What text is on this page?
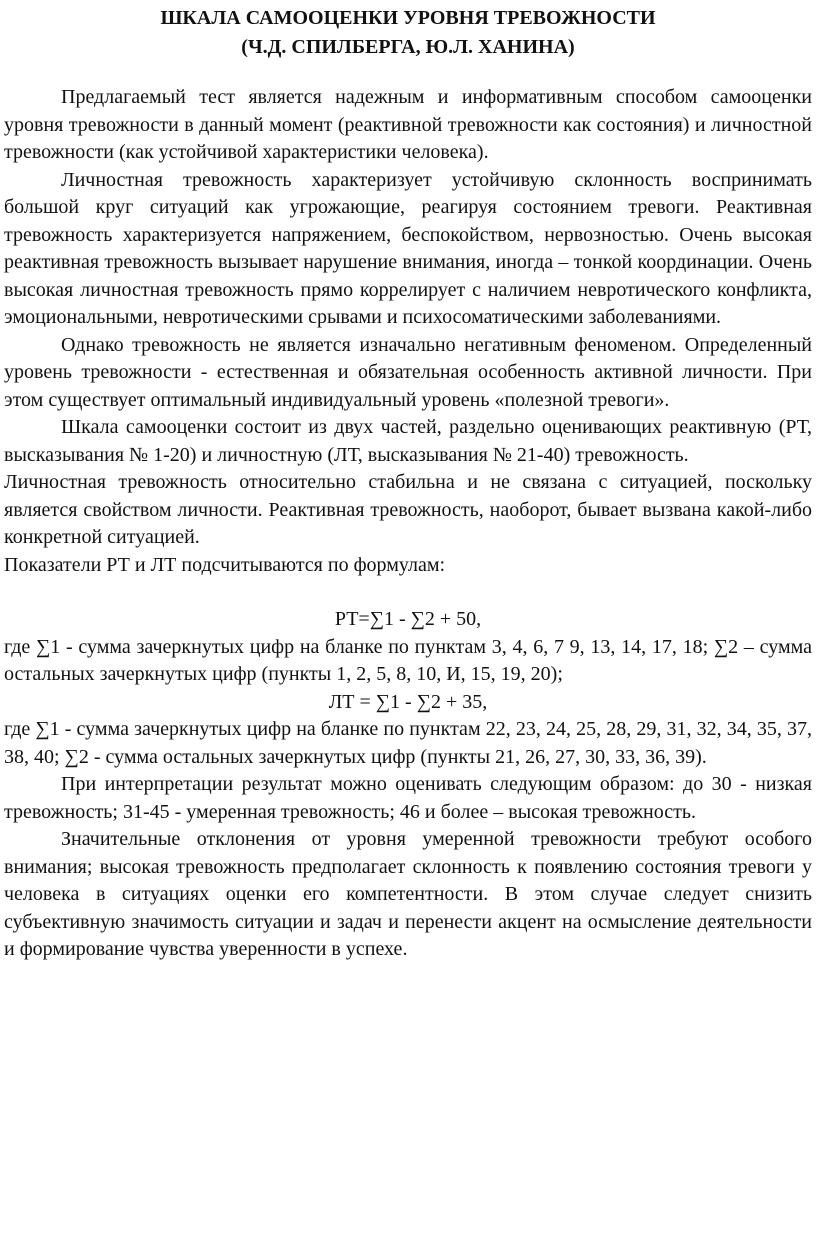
ШКАЛА САМООЦЕНКИ УРОВНЯ ТРЕВОЖНОСТИ
(Ч.Д. СПИЛБЕРГА, Ю.Л. ХАНИНА)

Предлагаемый тест является надежным и информативным способом самооценки уровня тревожности в данный момент (реактивной тревожности как состояния) и личностной тревожности (как устойчивой характеристики человека).

Личностная тревожность характеризует устойчивую склонность воспринимать большой круг ситуаций как угрожающие, реагируя состоянием тревоги. Реактивная тревожность характеризуется напряжением, беспокойством, нервозностью. Очень высокая реактивная тревожность вызывает нарушение внимания, иногда – тонкой координации. Очень высокая личностная тревожность прямо коррелирует с наличием невротического конфликта, эмоциональными, невротическими срывами и психосоматическими заболеваниями.

Однако тревожность не является изначально негативным феноменом. Определенный уровень тревожности - естественная и обязательная особенность активной личности. При этом существует оптимальный индивидуальный уровень «полезной тревоги».

Шкала самооценки состоит из двух частей, раздельно оценивающих реактивную (РТ, высказывания № 1-20) и личностную (ЛТ, высказывания № 21-40) тревожность.

Личностная тревожность относительно стабильна и не связана с ситуацией, поскольку является свойством личности. Реактивная тревожность, наоборот, бывает вызвана какой-либо конкретной ситуацией.

Показатели РТ и ЛТ подсчитываются по формулам:

РТ=∑1 - ∑2 + 50,

где ∑1 - сумма зачеркнутых цифр на бланке по пунктам 3, 4, 6, 7 9, 13, 14, 17, 18; ∑2 – сумма остальных зачеркнутых цифр (пункты 1, 2, 5, 8, 10, И, 15, 19, 20);

ЛТ = ∑1 - ∑2 + 35,

где ∑1 - сумма зачеркнутых цифр на бланке по пунктам 22, 23, 24, 25, 28, 29, 31, 32, 34, 35, 37, 38, 40; ∑2 - сумма остальных зачеркнутых цифр (пункты 21, 26, 27, 30, 33, 36, 39).

При интерпретации результат можно оценивать следующим образом: до 30 - низкая тревожность; 31-45 - умеренная тревожность; 46 и более – высокая тревожность.

Значительные отклонения от уровня умеренной тревожности требуют особого внимания; высокая тревожность предполагает склонность к появлению состояния тревоги у человека в ситуациях оценки его компетентности. В этом случае следует снизить субъективную значимость ситуации и задач и перенести акцент на осмысление деятельности и формирование чувства уверенности в успехе.
